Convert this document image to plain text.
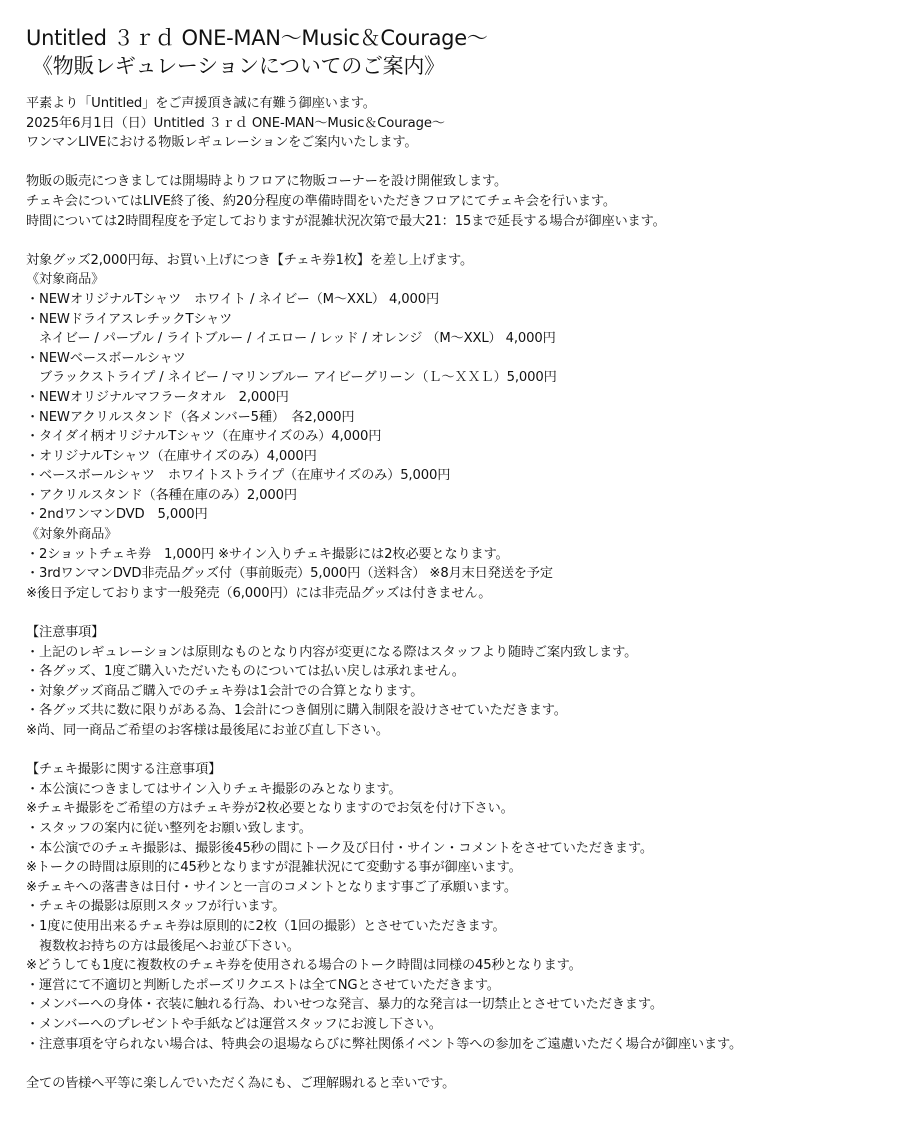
Untitled ３ｒｄ ONE-MAN～Music＆Courage～
《物販レギュレーションについてのご案内》
平素より「Untitled」をご声援頂き誠に有難う御座います。
2025年6月1日（日）Untitled ３ｒｄ ONE-MAN～Music＆Courage～
ワンマンLIVEにおける物販レギュレーションをご案内いたします。
物販の販売につきましては開場時よりフロアに物販コーナーを設け開催致します。
チェキ会についてはLIVE終了後、約20分程度の準備時間をいただきフロアにてチェキ会を行います。
時間については2時間程度を予定しておりますが混雑状況次第で最大21：15まで延長する場合が御座います。
対象グッズ2,000円毎、お買い上げにつき【チェキ券1枚】を差し上げます。
《対象商品》
・NEWオリジナルTシャツ　ホワイト / ネイビー（M～XXL） 4,000円
・NEWドライアスレチックTシャツ
　ネイビー / パープル / ライトブルー / イエロー / レッド / オレンジ （M～XXL） 4,000円
・NEWベースボールシャツ
　ブラックストライプ / ネイビー / マリンブルー アイビーグリーン（Ｌ～ＸＸＬ）5,000円
・NEWオリジナルマフラータオル　2,000円
・NEWアクリルスタンド（各メンバー5種）　各2,000円
・タイダイ柄オリジナルTシャツ（在庫サイズのみ）4,000円
・オリジナルTシャツ（在庫サイズのみ）4,000円
・ベースボールシャツ　ホワイトストライプ（在庫サイズのみ）5,000円
・アクリルスタンド（各種在庫のみ）2,000円
・2ndワンマンDVD　5,000円
《対象外商品》
・2ショットチェキ券　1,000円 ※サイン入りチェキ撮影には2枚必要となります。
・3rdワンマンDVD非売品グッズ付（事前販売）5,000円（送料含） ※8月末日発送を予定
※後日予定しております一般発売（6,000円）には非売品グッズは付きません。
【注意事項】
・上記のレギュレーションは原則なものとなり内容が変更になる際はスタッフより随時ご案内致します。
・各グッズ、1度ご購入いただいたものについては払い戻しは承れません。
・対象グッズ商品ご購入でのチェキ券は1会計での合算となります。
・各グッズ共に数に限りがある為、1会計につき個別に購入制限を設けさせていただきます。
※尚、同一商品ご希望のお客様は最後尾にお並び直し下さい。
【チェキ撮影に関する注意事項】
・本公演につきましてはサイン入りチェキ撮影のみとなります。
※チェキ撮影をご希望の方はチェキ券が2枚必要となりますのでお気を付け下さい。
・スタッフの案内に従い整列をお願い致します。
・本公演でのチェキ撮影は、撮影後45秒の間にトーク及び日付・サイン・コメントをさせていただきます。
※トークの時間は原則的に45秒となりますが混雑状況にて変動する事が御座います。
※チェキへの落書きは日付・サインと一言のコメントとなります事ご了承願います。
・チェキの撮影は原則スタッフが行います。
・1度に使用出来るチェキ券は原則的に2枚（1回の撮影）とさせていただきます。
　複数枚お持ちの方は最後尾へお並び下さい。
※どうしても1度に複数枚のチェキ券を使用される場合のトーク時間は同様の45秒となります。
・運営にて不適切と判断したポーズリクエストは全てNGとさせていただきます。
・メンバーへの身体・衣装に触れる行為、わいせつな発言、暴力的な発言は一切禁止とさせていただきます。
・メンバーへのプレゼントや手紙などは運営スタッフにお渡し下さい。
・注意事項を守られない場合は、特典会の退場ならびに弊社関係イベント等への参加をご遠慮いただく場合が御座います。
全ての皆様へ平等に楽しんでいただく為にも、ご理解賜れると幸いです。
